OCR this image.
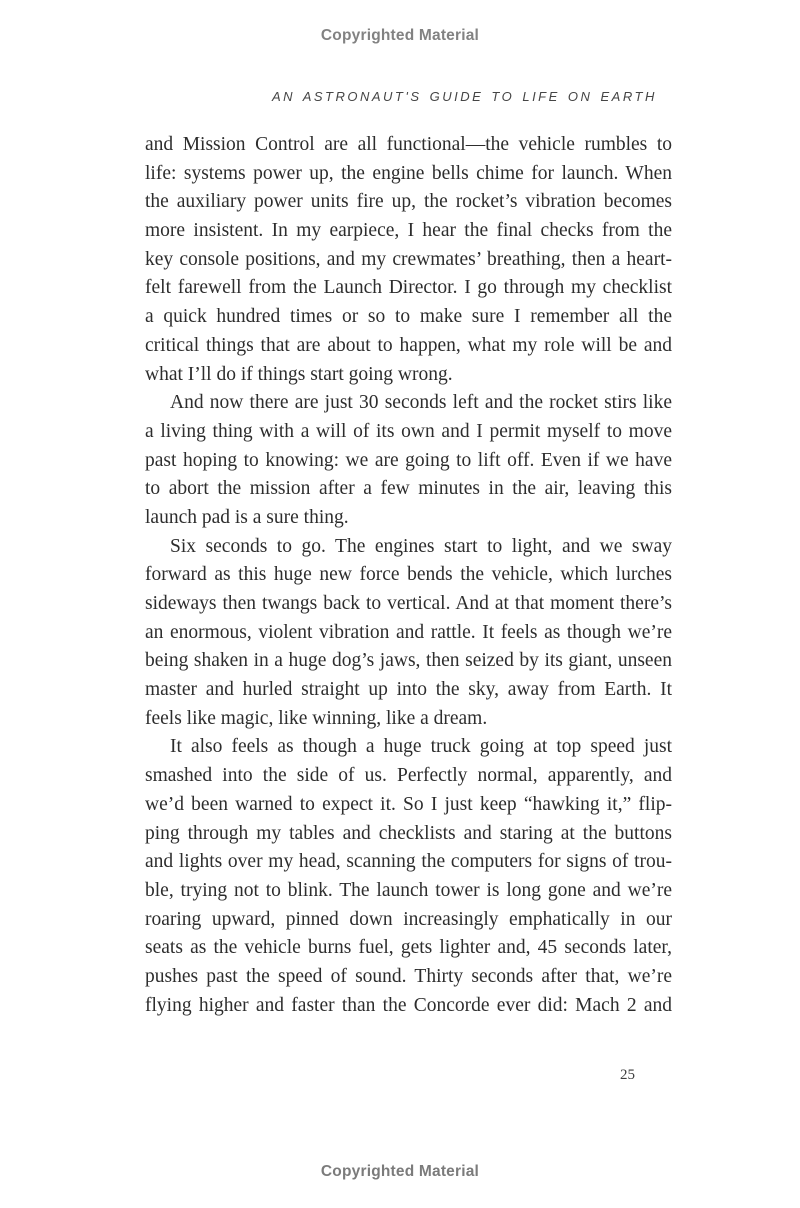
Copyrighted Material
AN ASTRONAUT'S GUIDE TO LIFE ON EARTH
and Mission Control are all functional—the vehicle rumbles to
life: systems power up, the engine bells chime for launch. When
the auxiliary power units fire up, the rocket’s vibration becomes
more insistent. In my earpiece, I hear the final checks from the
key console positions, and my crewmates’ breathing, then a heart-
felt farewell from the Launch Director. I go through my checklist
a quick hundred times or so to make sure I remember all the
critical things that are about to happen, what my role will be and
what I’ll do if things start going wrong.
And now there are just 30 seconds left and the rocket stirs like
a living thing with a will of its own and I permit myself to move
past hoping to knowing: we are going to lift off. Even if we have
to abort the mission after a few minutes in the air, leaving this
launch pad is a sure thing.
Six seconds to go. The engines start to light, and we sway
forward as this huge new force bends the vehicle, which lurches
sideways then twangs back to vertical. And at that moment there’s
an enormous, violent vibration and rattle. It feels as though we’re
being shaken in a huge dog’s jaws, then seized by its giant, unseen
master and hurled straight up into the sky, away from Earth. It
feels like magic, like winning, like a dream.
It also feels as though a huge truck going at top speed just
smashed into the side of us. Perfectly normal, apparently, and
we’d been warned to expect it. So I just keep “hawking it,” flip-
ping through my tables and checklists and staring at the buttons
and lights over my head, scanning the computers for signs of trou-
ble, trying not to blink. The launch tower is long gone and we’re
roaring upward, pinned down increasingly emphatically in our
seats as the vehicle burns fuel, gets lighter and, 45 seconds later,
pushes past the speed of sound. Thirty seconds after that, we’re
flying higher and faster than the Concorde ever did: Mach 2 and
25
Copyrighted Material
